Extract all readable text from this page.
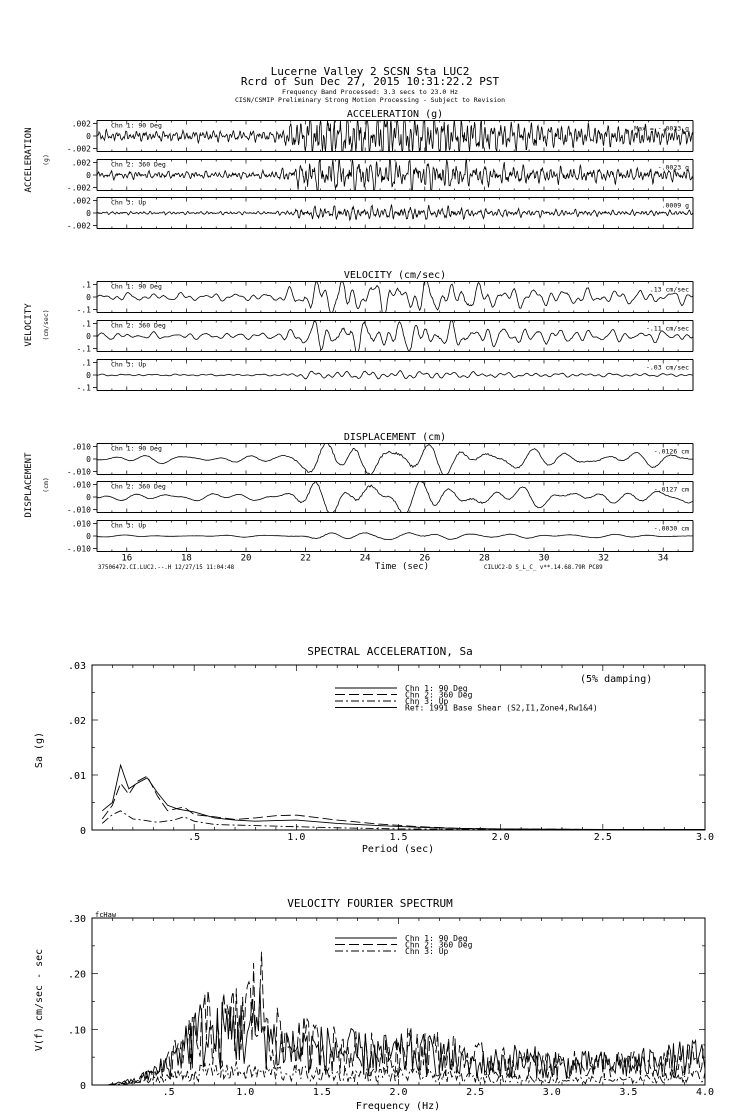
Lucerne Valley 2 SCSN Sta LUC2
Rcrd of Sun Dec 27, 2015 10:31:22.2 PST
Frequency Band Processed: 3.3 secs to 23.0 Hz
CISN/CSMIP Preliminary Strong Motion Processing - Subject to Revision
ACCELERATION (g)
VELOCITY (cm/sec)
DISPLACEMENT (cm)
Time (sec)
37506472.CI.LUC2.--.H 12/27/15 11:04:48	CILUC2-D S_L_C_ v**.14.68.79R PC89
SPECTRAL ACCELERATION, Sa
(5% damping)
Period (sec)
Sa (g)
VELOCITY FOURIER SPECTRUM
fcHaw
Frequency (Hz)
V(f) cm/sec - sec
ACCELERATION (g)
.002
0
-.002
Chn 1: 90 Deg	Max = -.0033 g
.002
0
-.002
Chn 2: 360 Deg	-.0023 g
.002
0
-.002
Chn 3: Up	.0009 g
VELOCITY (cm/sec)
.1
0
-.1
Chn 1: 90 Deg	.13 cm/sec
.1
0
-.1
Chn 2: 360 Deg	-.11 cm/sec
.1
0
-.1
Chn 3: Up	-.03 cm/sec
DISPLACEMENT (cm)
.010
0
-.010
Chn 1: 90 Deg	-.0126 cm
.010
0
-.010
Chn 2: 360 Deg	-.0127 cm
.010
0
-.010
Chn 3: Up	-.0030 cm
16	18	20	22	24	26	28	30	32	34
.5	1.0	1.5	2.0	2.5	3.0
0
.01
.02
.03
Chn 1: 90 Deg
Chn 2: 360 Deg
Chn 3: Up
Ref: 1991 Base Shear (S2,I1,Zone4,Rw1&4)
.5	1.0	1.5	2.0	2.5	3.0	3.5	4.0
0
.10
.20
.30
Chn 1: 90 Deg
Chn 2: 360 Deg
Chn 3: Up
